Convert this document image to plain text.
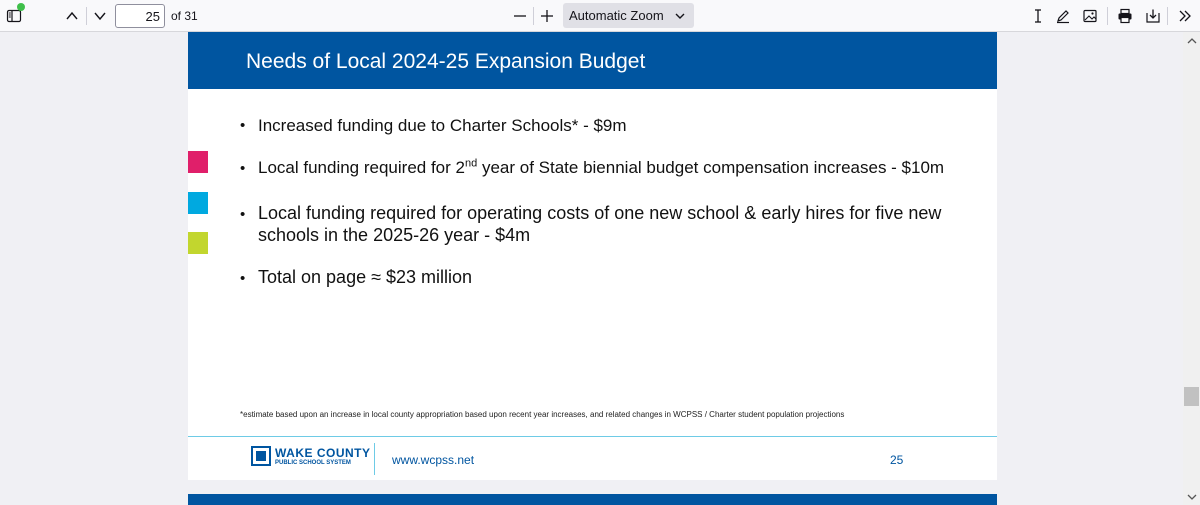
25
of 31	Automatic Zoom
Needs of Local 2024-25 Expansion Budget
• Increased funding due to Charter Schools* - $9m
• Local funding required for 2nd year of State biennial budget compensation increases - $10m
• Local funding required for operating costs of one new school & early hires for five new schools in the 2025-26 year - $4m
• Total on page ≈ $23 million
*estimate based upon an increase in local county appropriation based upon recent year increases, and related changes in WCPSS / Charter student population projections
WAKE COUNTY
PUBLIC SCHOOL SYSTEM	www.wcpss.net	25
